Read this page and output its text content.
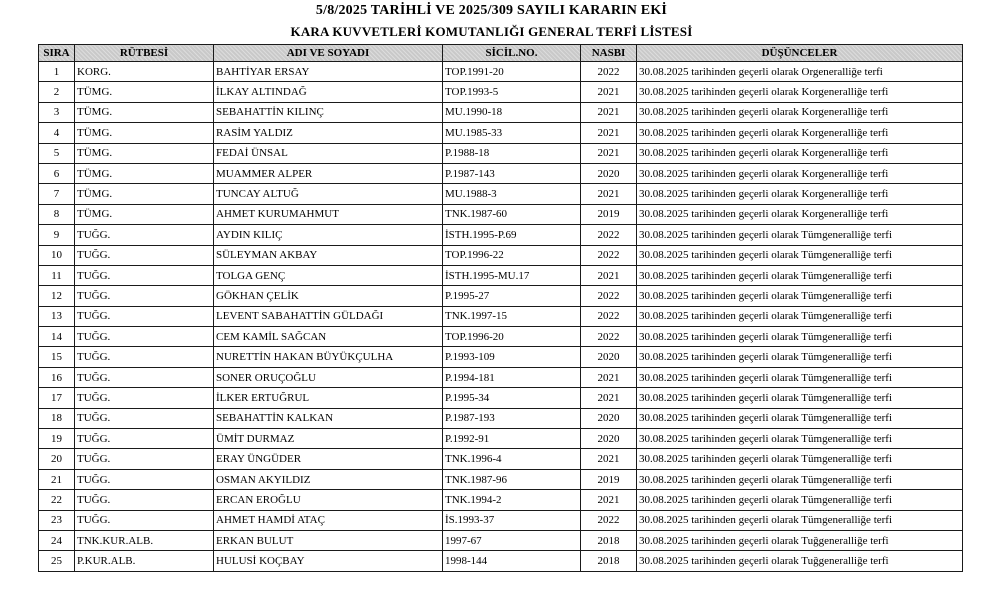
5/8/2025 TARİHLİ VE 2025/309 SAYILI KARARIN EKİ
KARA KUVVETLERİ KOMUTANLIĞI GENERAL TERFİ LİSTESİ
SIRA	RÜTBESİ	ADI VE SOYADI	SİCİL.NO.	NASBI	DÜŞÜNCELER
1	KORG.	BAHTİYAR ERSAY	TOP.1991-20	2022	30.08.2025 tarihinden geçerli olarak Orgeneralliğe terfi
2	TÜMG.	İLKAY ALTINDAĞ	TOP.1993-5	2021	30.08.2025 tarihinden geçerli olarak Korgeneralliğe terfi
3	TÜMG.	SEBAHATTİN KILINÇ	MU.1990-18	2021	30.08.2025 tarihinden geçerli olarak Korgeneralliğe terfi
4	TÜMG.	RASİM YALDIZ	MU.1985-33	2021	30.08.2025 tarihinden geçerli olarak Korgeneralliğe terfi
5	TÜMG.	FEDAİ ÜNSAL	P.1988-18	2021	30.08.2025 tarihinden geçerli olarak Korgeneralliğe terfi
6	TÜMG.	MUAMMER ALPER	P.1987-143	2020	30.08.2025 tarihinden geçerli olarak Korgeneralliğe terfi
7	TÜMG.	TUNCAY ALTUĞ	MU.1988-3	2021	30.08.2025 tarihinden geçerli olarak Korgeneralliğe terfi
8	TÜMG.	AHMET KURUMAHMUT	TNK.1987-60	2019	30.08.2025 tarihinden geçerli olarak Korgeneralliğe terfi
9	TUĞG.	AYDIN KILIÇ	İSTH.1995-P.69	2022	30.08.2025 tarihinden geçerli olarak Tümgeneralliğe terfi
10	TUĞG.	SÜLEYMAN AKBAY	TOP.1996-22	2022	30.08.2025 tarihinden geçerli olarak Tümgeneralliğe terfi
11	TUĞG.	TOLGA GENÇ	İSTH.1995-MU.17	2021	30.08.2025 tarihinden geçerli olarak Tümgeneralliğe terfi
12	TUĞG.	GÖKHAN ÇELİK	P.1995-27	2022	30.08.2025 tarihinden geçerli olarak Tümgeneralliğe terfi
13	TUĞG.	LEVENT SABAHATTİN GÜLDAĞI	TNK.1997-15	2022	30.08.2025 tarihinden geçerli olarak Tümgeneralliğe terfi
14	TUĞG.	CEM KAMİL SAĞCAN	TOP.1996-20	2022	30.08.2025 tarihinden geçerli olarak Tümgeneralliğe terfi
15	TUĞG.	NURETTİN HAKAN BÜYÜKÇULHA	P.1993-109	2020	30.08.2025 tarihinden geçerli olarak Tümgeneralliğe terfi
16	TUĞG.	SONER ORUÇOĞLU	P.1994-181	2021	30.08.2025 tarihinden geçerli olarak Tümgeneralliğe terfi
17	TUĞG.	İLKER ERTUĞRUL	P.1995-34	2021	30.08.2025 tarihinden geçerli olarak Tümgeneralliğe terfi
18	TUĞG.	SEBAHATTİN KALKAN	P.1987-193	2020	30.08.2025 tarihinden geçerli olarak Tümgeneralliğe terfi
19	TUĞG.	ÜMİT DURMAZ	P.1992-91	2020	30.08.2025 tarihinden geçerli olarak Tümgeneralliğe terfi
20	TUĞG.	ERAY ÜNGÜDER	TNK.1996-4	2021	30.08.2025 tarihinden geçerli olarak Tümgeneralliğe terfi
21	TUĞG.	OSMAN AKYILDIZ	TNK.1987-96	2019	30.08.2025 tarihinden geçerli olarak Tümgeneralliğe terfi
22	TUĞG.	ERCAN EROĞLU	TNK.1994-2	2021	30.08.2025 tarihinden geçerli olarak Tümgeneralliğe terfi
23	TUĞG.	AHMET HAMDİ ATAÇ	İS.1993-37	2022	30.08.2025 tarihinden geçerli olarak Tümgeneralliğe terfi
24	TNK.KUR.ALB.	ERKAN BULUT	1997-67	2018	30.08.2025 tarihinden geçerli olarak Tuğgeneralliğe terfi
25	P.KUR.ALB.	HULUSİ KOÇBAY	1998-144	2018	30.08.2025 tarihinden geçerli olarak Tuğgeneralliğe terfi
